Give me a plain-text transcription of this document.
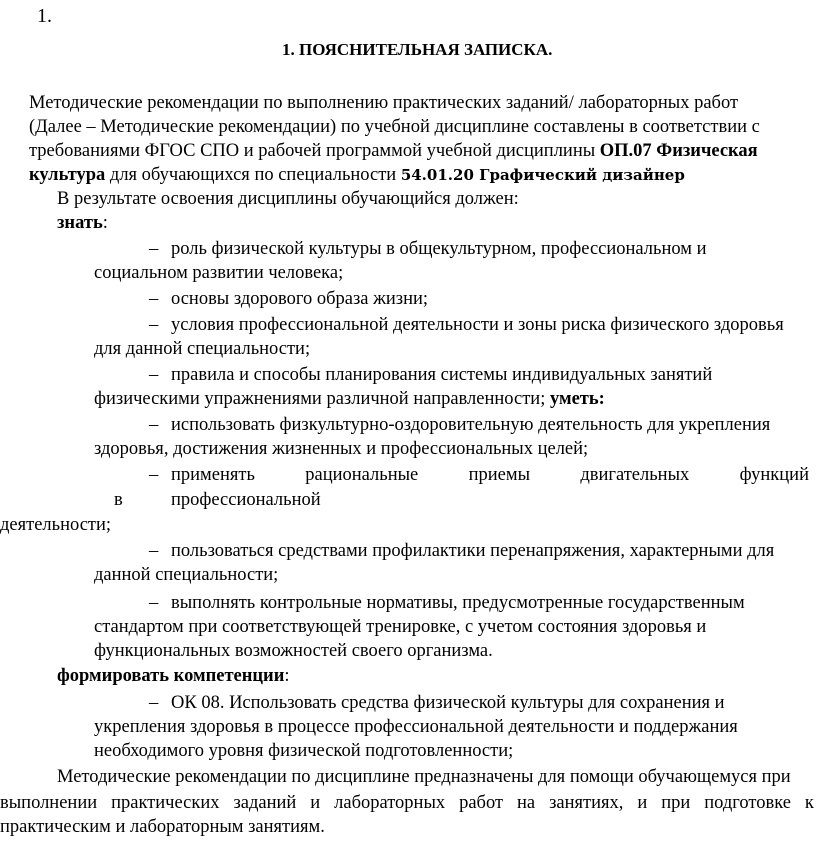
1.
1. ПОЯСНИТЕЛЬНАЯ ЗАПИСКА.
Методические рекомендации по выполнению практических заданий/ лабораторных работ
(Далее – Методические рекомендации) по учебной дисциплине составлены в соответствии с
требованиями ФГОС СПО и рабочей программой учебной дисциплины ОП.07 Физическая
культура для обучающихся по специальности 54.01.20 Графический дизайнер
В результате освоения дисциплины обучающийся должен:
знать:
– роль физической культуры в общекультурном, профессиональном и
социальном развитии человека;
– основы здорового образа жизни;
– условия профессиональной деятельности и зоны риска физического здоровья
для данной специальности;
– правила и способы планирования системы индивидуальных занятий
физическими упражнениями различной направленности; уметь:
– использовать физкультурно-оздоровительную деятельность для укрепления
здоровья, достижения жизненных и профессиональных целей;
– применять	рациональные	приемы	двигательных	функций
в	профессиональной
деятельности;
– пользоваться средствами профилактики перенапряжения, характерными для
данной специальности;
– выполнять контрольные нормативы, предусмотренные государственным
стандартом при соответствующей тренировке, с учетом состояния здоровья и
функциональных возможностей своего организма.
формировать компетенции:
– ОК 08. Использовать средства физической культуры для сохранения и
укрепления здоровья в процессе профессиональной деятельности и поддержания
необходимого уровня физической подготовленности;
Методические рекомендации по дисциплине предназначены для помощи обучающемуся при
выполнении практических заданий и лабораторных работ на занятиях, и при подготовке к
практическим и лабораторным занятиям.
